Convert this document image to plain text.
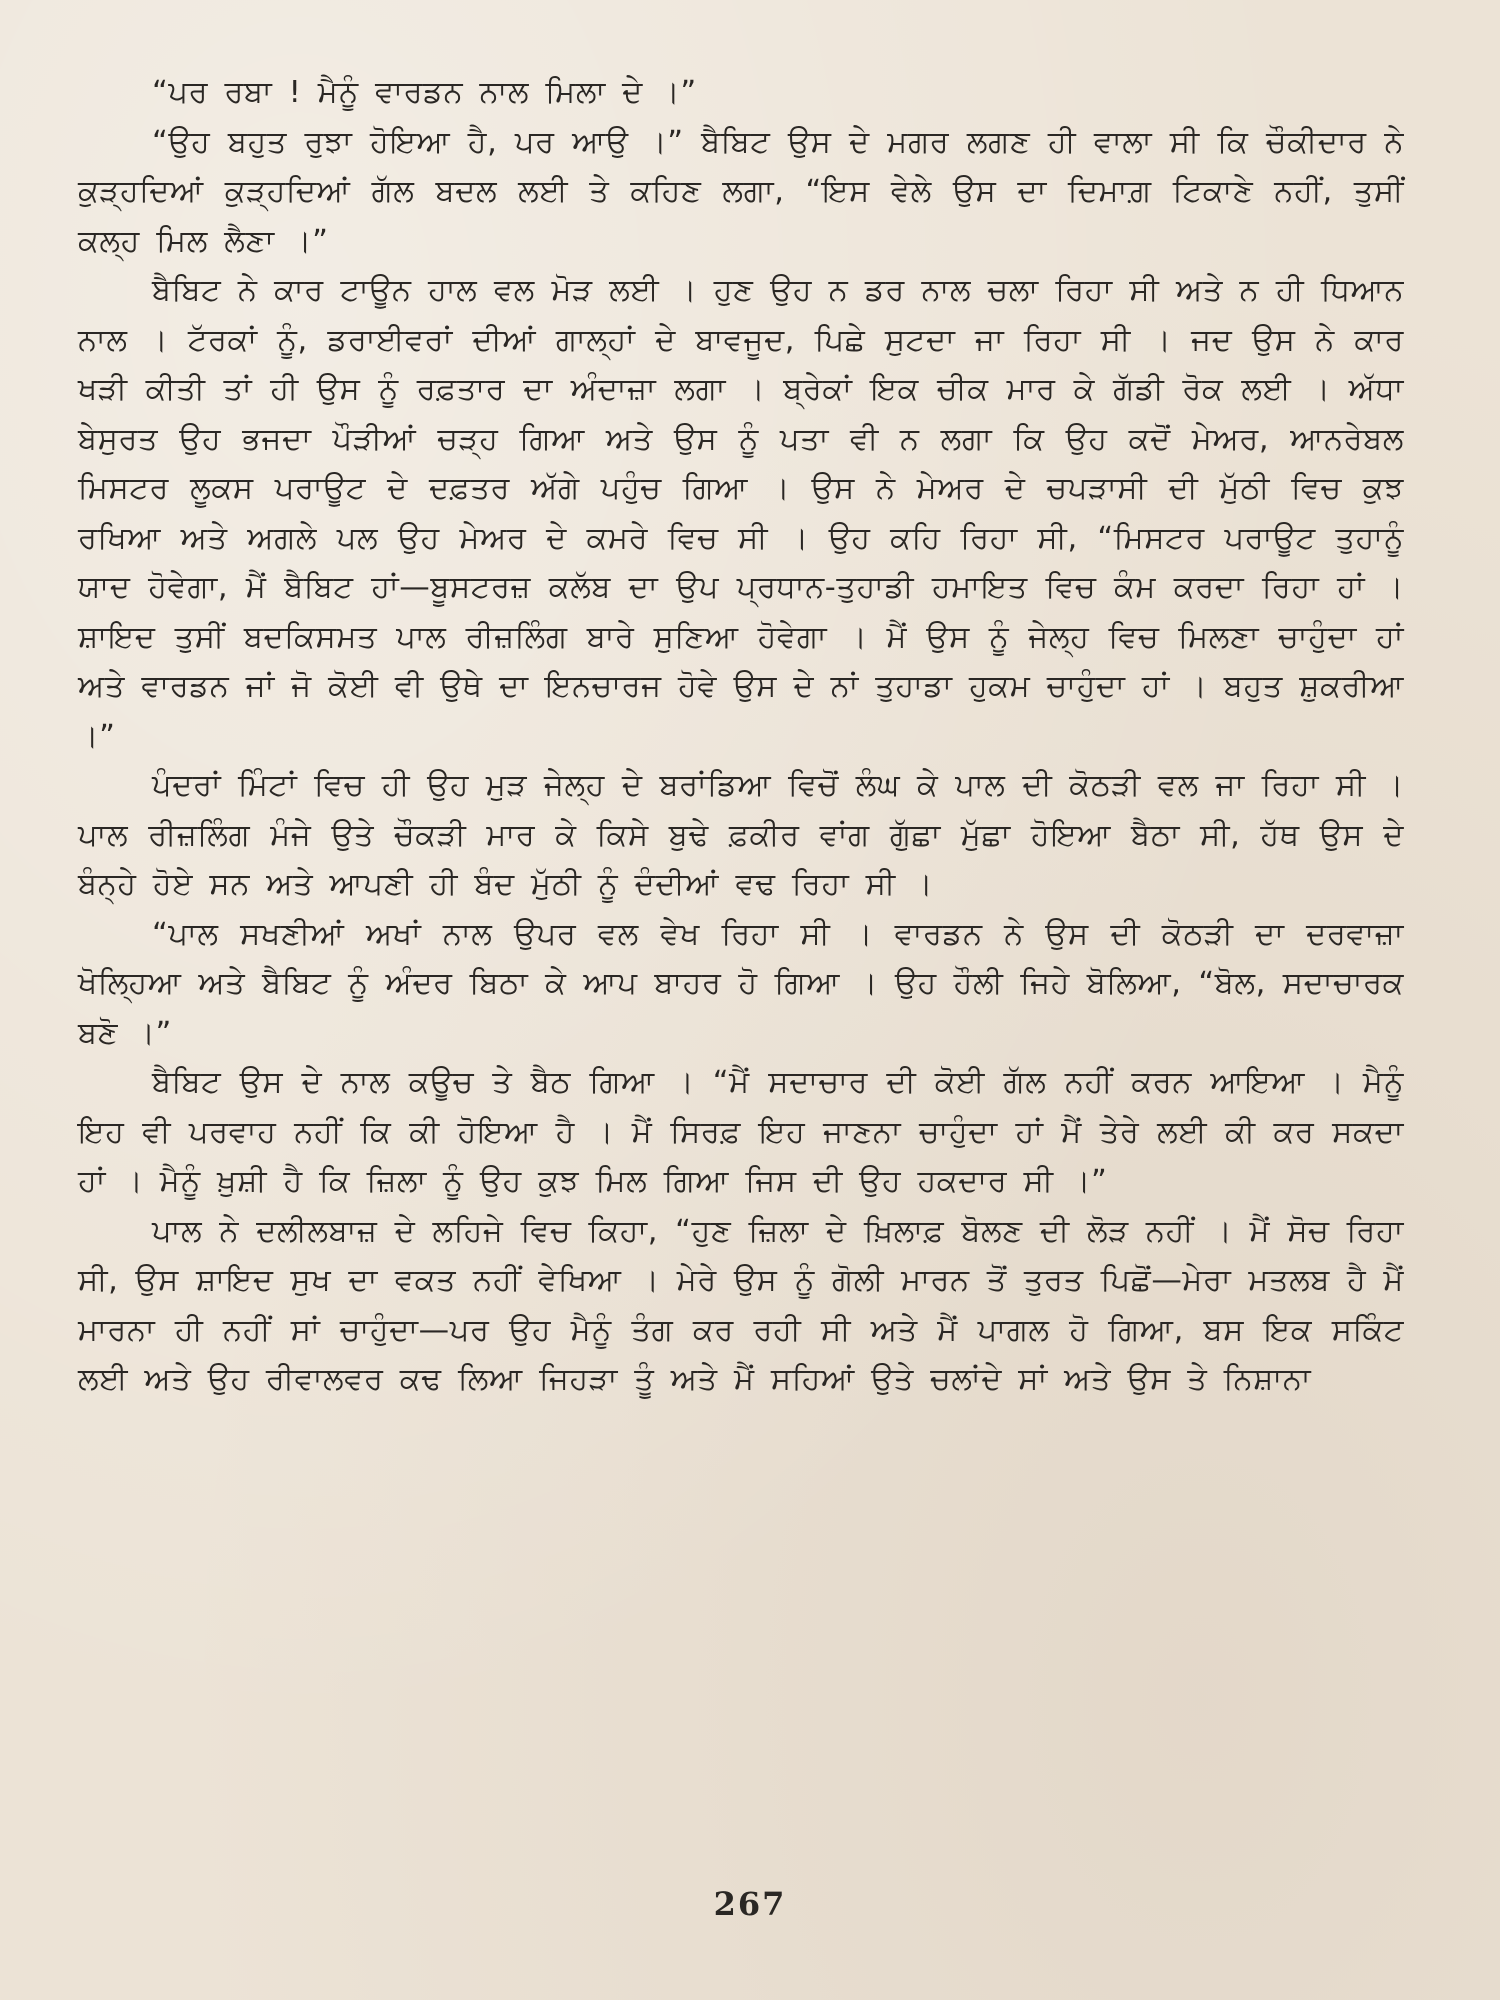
“ਪਰ ਰਬਾ ! ਮੈਨੂੰ ਵਾਰਡਨ ਨਾਲ ਮਿਲਾ ਦੇ ।”

“ਉਹ ਬਹੁਤ ਰੁਝਾ ਹੋਇਆ ਹੈ, ਪਰ ਆਉ ।” ਬੈਬਿਟ ਉਸ ਦੇ ਮਗਰ ਲਗਣ ਹੀ ਵਾਲਾ ਸੀ ਕਿ ਚੌਕੀਦਾਰ ਨੇ ਕੁੜ੍ਹਦਿਆਂ ਕੁੜ੍ਹਦਿਆਂ ਗੱਲ ਬਦਲ ਲਈ ਤੇ ਕਹਿਣ ਲਗਾ, “ਇਸ ਵੇਲੇ ਉਸ ਦਾ ਦਿਮਾਗ਼ ਟਿਕਾਣੇ ਨਹੀਂ, ਤੁਸੀਂ ਕਲ੍ਹ ਮਿਲ ਲੈਣਾ ।”

ਬੈਬਿਟ ਨੇ ਕਾਰ ਟਾਊਨ ਹਾਲ ਵਲ ਮੋੜ ਲਈ । ਹੁਣ ਉਹ ਨ ਡਰ ਨਾਲ ਚਲਾ ਰਿਹਾ ਸੀ ਅਤੇ ਨ ਹੀ ਧਿਆਨ ਨਾਲ । ਟੱਰਕਾਂ ਨੂੰ, ਡਰਾਈਵਰਾਂ ਦੀਆਂ ਗਾਲ੍ਹਾਂ ਦੇ ਬਾਵਜੂਦ, ਪਿਛੇ ਸੁਟਦਾ ਜਾ ਰਿਹਾ ਸੀ । ਜਦ ਉਸ ਨੇ ਕਾਰ ਖੜੀ ਕੀਤੀ ਤਾਂ ਹੀ ਉਸ ਨੂੰ ਰਫ਼ਤਾਰ ਦਾ ਅੰਦਾਜ਼ਾ ਲਗਾ । ਬ੍ਰੇਕਾਂ ਇਕ ਚੀਕ ਮਾਰ ਕੇ ਗੱਡੀ ਰੋਕ ਲਈ । ਅੱਧਾ ਬੇਸੁਰਤ ਉਹ ਭਜਦਾ ਪੌੜੀਆਂ ਚੜ੍ਹ ਗਿਆ ਅਤੇ ਉਸ ਨੂੰ ਪਤਾ ਵੀ ਨ ਲਗਾ ਕਿ ਉਹ ਕਦੋਂ ਮੇਅਰ, ਆਨਰੇਬਲ ਮਿਸਟਰ ਲੂਕਸ ਪਰਾਊਟ ਦੇ ਦਫ਼ਤਰ ਅੱਗੇ ਪਹੁੰਚ ਗਿਆ । ਉਸ ਨੇ ਮੇਅਰ ਦੇ ਚਪੜਾਸੀ ਦੀ ਮੁੱਠੀ ਵਿਚ ਕੁਝ ਰਖਿਆ ਅਤੇ ਅਗਲੇ ਪਲ ਉਹ ਮੇਅਰ ਦੇ ਕਮਰੇ ਵਿਚ ਸੀ । ਉਹ ਕਹਿ ਰਿਹਾ ਸੀ, “ਮਿਸਟਰ ਪਰਾਊਟ ਤੁਹਾਨੂੰ ਯਾਦ ਹੋਵੇਗਾ, ਮੈਂ ਬੈਬਿਟ ਹਾਂ—ਬੂਸਟਰਜ਼ ਕਲੱਬ ਦਾ ਉਪ ਪ੍ਰਧਾਨ-ਤੁਹਾਡੀ ਹਮਾਇਤ ਵਿਚ ਕੰਮ ਕਰਦਾ ਰਿਹਾ ਹਾਂ । ਸ਼ਾਇਦ ਤੁਸੀਂ ਬਦਕਿਸਮਤ ਪਾਲ ਰੀਜ਼ਲਿੰਗ ਬਾਰੇ ਸੁਣਿਆ ਹੋਵੇਗਾ । ਮੈਂ ਉਸ ਨੂੰ ਜੇਲ੍ਹ ਵਿਚ ਮਿਲਣਾ ਚਾਹੁੰਦਾ ਹਾਂ ਅਤੇ ਵਾਰਡਨ ਜਾਂ ਜੋ ਕੋਈ ਵੀ ਉਥੇ ਦਾ ਇਨਚਾਰਜ ਹੋਵੇ ਉਸ ਦੇ ਨਾਂ ਤੁਹਾਡਾ ਹੁਕਮ ਚਾਹੁੰਦਾ ਹਾਂ । ਬਹੁਤ ਸ਼ੁਕਰੀਆ ।”

ਪੰਦਰਾਂ ਮਿੰਟਾਂ ਵਿਚ ਹੀ ਉਹ ਮੁੜ ਜੇਲ੍ਹ ਦੇ ਬਰਾਂਡਿਆ ਵਿਚੋਂ ਲੰਘ ਕੇ ਪਾਲ ਦੀ ਕੋਠੜੀ ਵਲ ਜਾ ਰਿਹਾ ਸੀ । ਪਾਲ ਰੀਜ਼ਲਿੰਗ ਮੰਜੇ ਉਤੇ ਚੌਕੜੀ ਮਾਰ ਕੇ ਕਿਸੇ ਬੁਢੇ ਫ਼ਕੀਰ ਵਾਂਗ ਗੁੱਛਾ ਮੁੱਛਾ ਹੋਇਆ ਬੈਠਾ ਸੀ, ਹੱਥ ਉਸ ਦੇ ਬੰਨ੍ਹੇ ਹੋਏ ਸਨ ਅਤੇ ਆਪਣੀ ਹੀ ਬੰਦ ਮੁੱਠੀ ਨੂੰ ਦੰਦੀਆਂ ਵਢ ਰਿਹਾ ਸੀ ।

“ਪਾਲ ਸਖਣੀਆਂ ਅਖਾਂ ਨਾਲ ਉਪਰ ਵਲ ਵੇਖ ਰਿਹਾ ਸੀ । ਵਾਰਡਨ ਨੇ ਉਸ ਦੀ ਕੋਠੜੀ ਦਾ ਦਰਵਾਜ਼ਾ ਖੋਲ੍ਹਿਆ ਅਤੇ ਬੈਬਿਟ ਨੂੰ ਅੰਦਰ ਬਿਠਾ ਕੇ ਆਪ ਬਾਹਰ ਹੋ ਗਿਆ । ਉਹ ਹੌਲੀ ਜਿਹੇ ਬੋਲਿਆ, “ਬੋਲ, ਸਦਾਚਾਰਕ ਬਣੋ ।”

ਬੈਬਿਟ ਉਸ ਦੇ ਨਾਲ ਕਊਚ ਤੇ ਬੈਠ ਗਿਆ । “ਮੈਂ ਸਦਾਚਾਰ ਦੀ ਕੋਈ ਗੱਲ ਨਹੀਂ ਕਰਨ ਆਇਆ । ਮੈਨੂੰ ਇਹ ਵੀ ਪਰਵਾਹ ਨਹੀਂ ਕਿ ਕੀ ਹੋਇਆ ਹੈ । ਮੈਂ ਸਿਰਫ਼ ਇਹ ਜਾਣਨਾ ਚਾਹੁੰਦਾ ਹਾਂ ਮੈਂ ਤੇਰੇ ਲਈ ਕੀ ਕਰ ਸਕਦਾ ਹਾਂ । ਮੈਨੂੰ ਖ਼ੁਸ਼ੀ ਹੈ ਕਿ ਜ਼ਿਲਾ ਨੂੰ ਉਹ ਕੁਝ ਮਿਲ ਗਿਆ ਜਿਸ ਦੀ ਉਹ ਹਕਦਾਰ ਸੀ ।”

ਪਾਲ ਨੇ ਦਲੀਲਬਾਜ਼ ਦੇ ਲਹਿਜੇ ਵਿਚ ਕਿਹਾ, “ਹੁਣ ਜ਼ਿਲਾ ਦੇ ਖ਼ਿਲਾਫ਼ ਬੋਲਣ ਦੀ ਲੋੜ ਨਹੀਂ । ਮੈਂ ਸੋਚ ਰਿਹਾ ਸੀ, ਉਸ ਸ਼ਾਇਦ ਸੁਖ ਦਾ ਵਕਤ ਨਹੀਂ ਵੇਖਿਆ । ਮੇਰੇ ਉਸ ਨੂੰ ਗੋਲੀ ਮਾਰਨ ਤੋਂ ਤੁਰਤ ਪਿਛੋਂ—ਮੇਰਾ ਮਤਲਬ ਹੈ ਮੈਂ ਮਾਰਨਾ ਹੀ ਨਹੀਂ ਸਾਂ ਚਾਹੁੰਦਾ—ਪਰ ਉਹ ਮੈਨੂੰ ਤੰਗ ਕਰ ਰਹੀ ਸੀ ਅਤੇ ਮੈਂ ਪਾਗਲ ਹੋ ਗਿਆ, ਬਸ ਇਕ ਸਕਿੰਟ ਲਈ ਅਤੇ ਉਹ ਰੀਵਾਲਵਰ ਕਢ ਲਿਆ ਜਿਹੜਾ ਤੂੰ ਅਤੇ ਮੈਂ ਸਹਿਆਂ ਉਤੇ ਚਲਾਂਦੇ ਸਾਂ ਅਤੇ ਉਸ ਤੇ ਨਿਸ਼ਾਨਾ

267
